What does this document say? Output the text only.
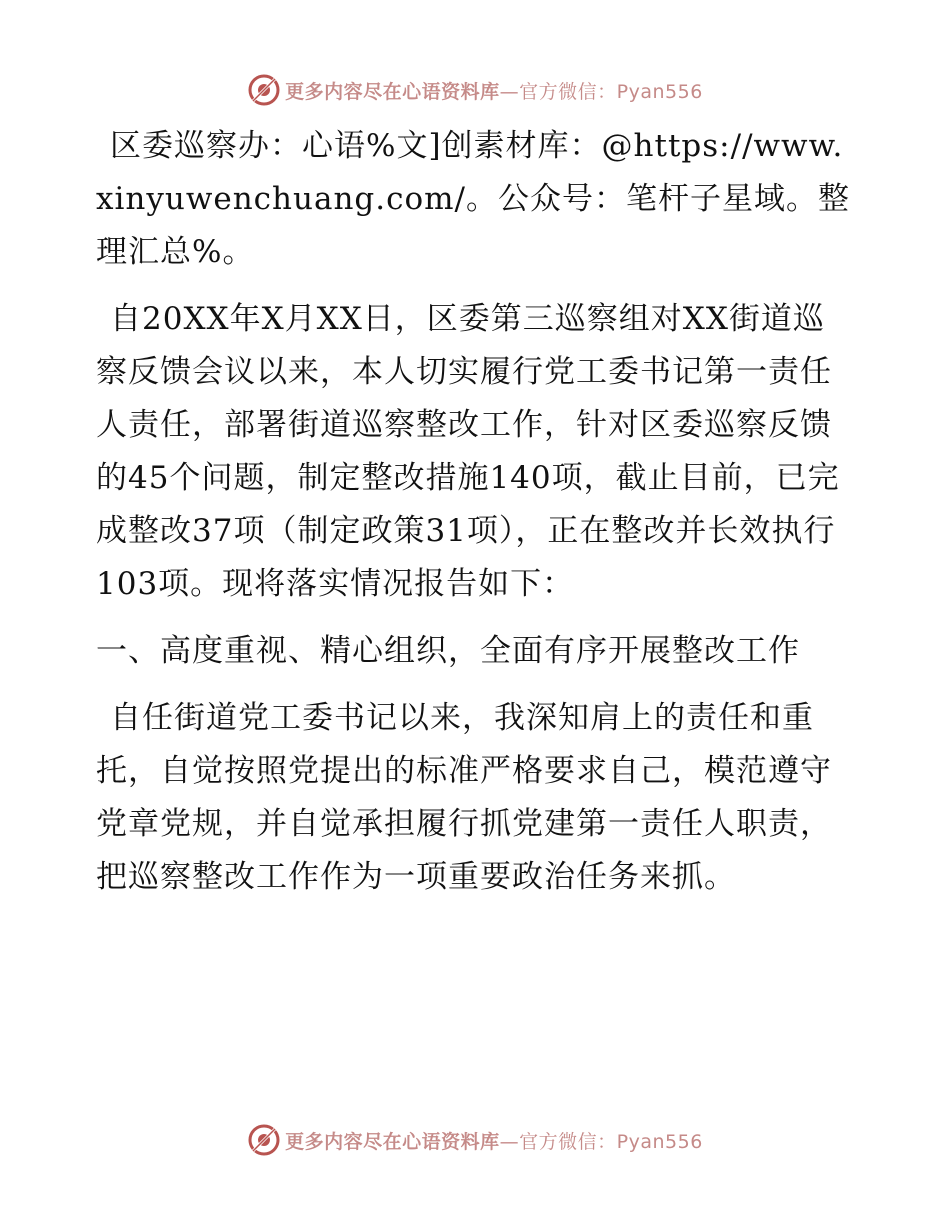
更多内容尽在心语资料库—官方微信：Pyan556

区委巡察办：心语%文]创素材库：@https://www.xinyuwenchuang.com/。公众号：笔杆子星域。整理汇总%。

自20XX年X月XX日，区委第三巡察组对XX街道巡察反馈会议以来，本人切实履行党工委书记第一责任人责任，部署街道巡察整改工作，针对区委巡察反馈的45个问题，制定整改措施140项，截止目前，已完成整改37项（制定政策31项），正在整改并长效执行103项。现将落实情况报告如下：

一、高度重视、精心组织，全面有序开展整改工作

自任街道党工委书记以来，我深知肩上的责任和重托，自觉按照党提出的标准严格要求自己，模范遵守党章党规，并自觉承担履行抓党建第一责任人职责，把巡察整改工作作为一项重要政治任务来抓。

更多内容尽在心语资料库—官方微信：Pyan556
